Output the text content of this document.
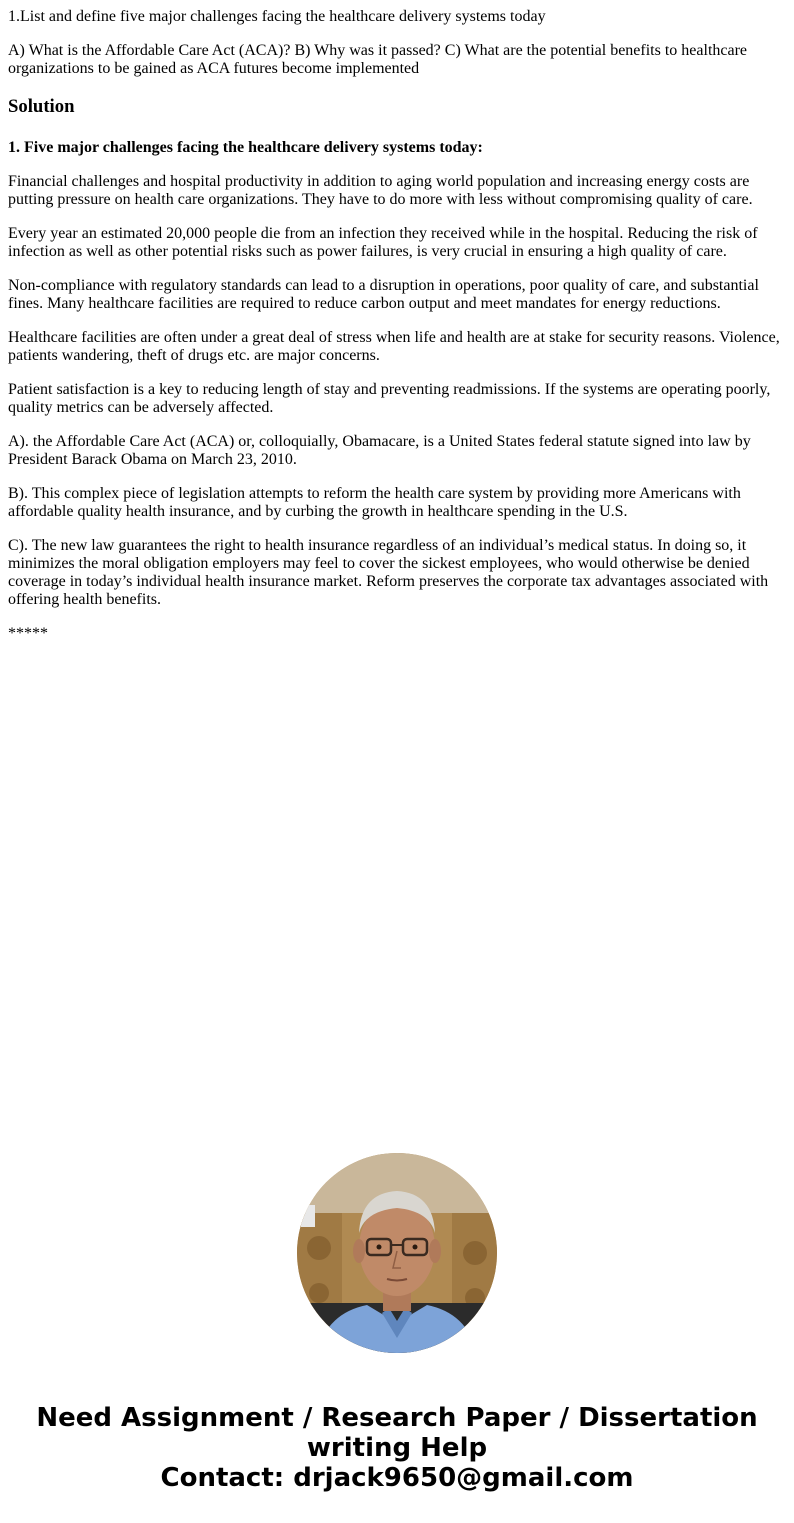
1.List and define five major challenges facing the healthcare delivery systems today

A) What is the Affordable Care Act (ACA)? B) Why was it passed? C) What are the potential benefits to healthcare organizations to be gained as ACA futures become implemented

Solution
1. Five major challenges facing the healthcare delivery systems today:

Financial challenges and hospital productivity in addition to aging world population and increasing energy costs are putting pressure on health care organizations. They have to do more with less without compromising quality of care.

Every year an estimated 20,000 people die from an infection they received while in the hospital. Reducing the risk of infection as well as other potential risks such as power failures, is very crucial in ensuring a high quality of care.

Non-compliance with regulatory standards can lead to a disruption in operations, poor quality of care, and substantial fines. Many healthcare facilities are required to reduce carbon output and meet mandates for energy reductions.

Healthcare facilities are often under a great deal of stress when life and health are at stake for security reasons. Violence, patients wandering, theft of drugs etc. are major concerns.

Patient satisfaction is a key to reducing length of stay and preventing readmissions. If the systems are operating poorly, quality metrics can be adversely affected.

A). the Affordable Care Act (ACA) or, colloquially, Obamacare, is a United States federal statute signed into law by President Barack Obama on March 23, 2010.

B). This complex piece of legislation attempts to reform the health care system by providing more Americans with affordable quality health insurance, and by curbing the growth in healthcare spending in the U.S.

C). The new law guarantees the right to health insurance regardless of an individual’s medical status. In doing so, it minimizes the moral obligation employers may feel to cover the sickest employees, who would otherwise be denied coverage in today’s individual health insurance market. Reform preserves the corporate tax advantages associated with offering health benefits.

*****

Need Assignment / Research Paper / Dissertation
writing Help
Contact: drjack9650@gmail.com
